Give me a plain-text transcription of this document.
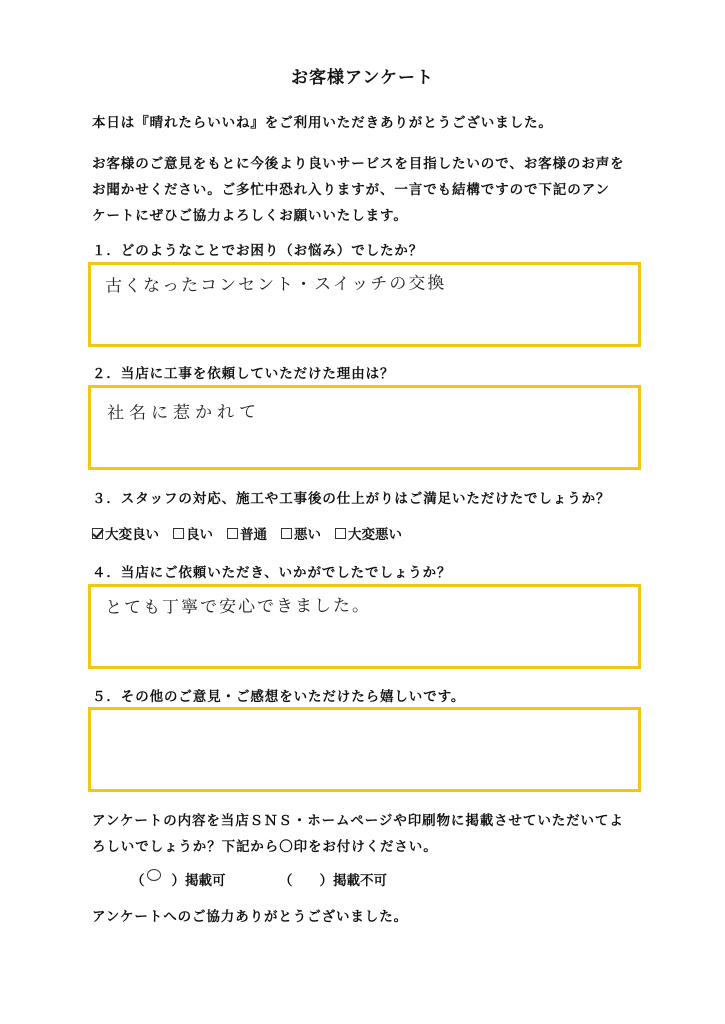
お客様アンケート
本日は『晴れたらいいね』をご利用いただきありがとうございました。
お客様のご意見をもとに今後より良いサービスを目指したいので、お客様のお声を
お聞かせください。ご多忙中恐れ入りますが、一言でも結構ですので下記のアン
ケートにぜひご協力よろしくお願いいたします。
１．どのようなことでお困り（お悩み）でしたか？
古くなったコンセント・スイッチの交換
２．当店に工事を依頼していただけた理由は？
社名に惹かれて
３．スタッフの対応、施工や工事後の仕上がりはご満足いただけたでしょうか？
大変良い 良い 普通 悪い 大変悪い
４．当店にご依頼いただき、いかがでしたでしょうか？
とても丁寧で安心できました。
５．その他のご意見・ご感想をいただけたら嬉しいです。
アンケートの内容を当店ＳＮＳ・ホームページや印刷物に掲載させていただいてよ
ろしいでしょうか？下記から〇印をお付けください。
（　　）掲載可	（　　）掲載不可
アンケートへのご協力ありがとうございました。
